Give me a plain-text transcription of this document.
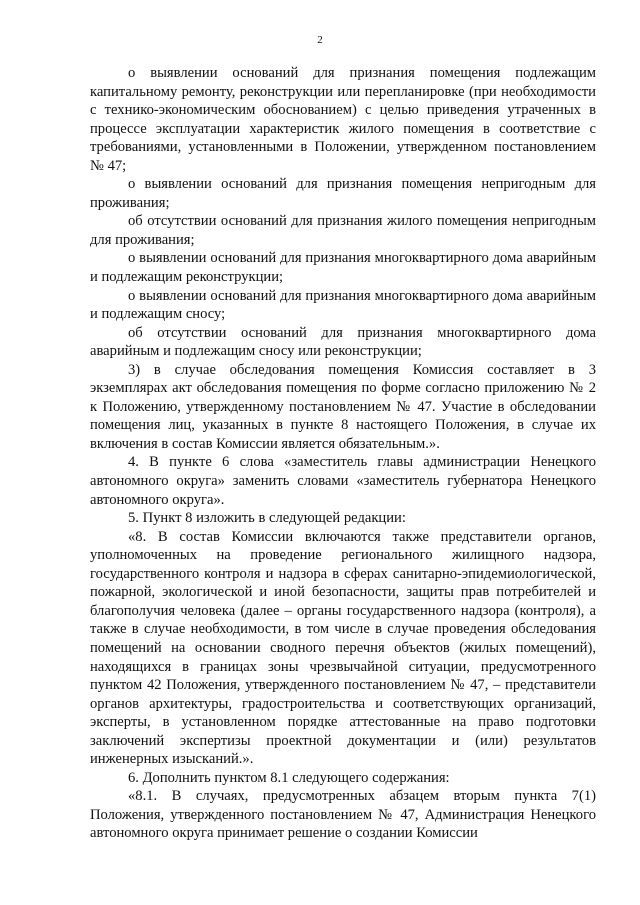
2

о выявлении оснований для признания помещения подлежащим капитальному ремонту, реконструкции или перепланировке (при необходимости с технико-экономическим обоснованием) с целью приведения утраченных в процессе эксплуатации характеристик жилого помещения в соответствие с требованиями, установленными в Положении, утвержденном постановлением № 47;

о выявлении оснований для признания помещения непригодным для проживания;

об отсутствии оснований для признания жилого помещения непригодным для проживания;

о выявлении оснований для признания многоквартирного дома аварийным и подлежащим реконструкции;

о выявлении оснований для признания многоквартирного дома аварийным и подлежащим сносу;

об отсутствии оснований для признания многоквартирного дома аварийным и подлежащим сносу или реконструкции;

3) в случае обследования помещения Комиссия составляет в 3 экземплярах акт обследования помещения по форме согласно приложению № 2 к Положению, утвержденному постановлением № 47. Участие в обследовании помещения лиц, указанных в пункте 8 настоящего Положения, в случае их включения в состав Комиссии является обязательным.».

4. В пункте 6 слова «заместитель главы администрации Ненецкого автономного округа» заменить словами «заместитель губернатора Ненецкого автономного округа».

5. Пункт 8 изложить в следующей редакции:

«8. В состав Комиссии включаются также представители органов, уполномоченных на проведение регионального жилищного надзора, государственного контроля и надзора в сферах санитарно-эпидемиологической, пожарной, экологической и иной безопасности, защиты прав потребителей и благополучия человека (далее – органы государственного надзора (контроля), а также в случае необходимости, в том числе в случае проведения обследования помещений на основании сводного перечня объектов (жилых помещений), находящихся в границах зоны чрезвычайной ситуации, предусмотренного пунктом 42 Положения, утвержденного постановлением № 47, – представители органов архитектуры, градостроительства и соответствующих организаций, эксперты, в установленном порядке аттестованные на право подготовки заключений экспертизы проектной документации и (или) результатов инженерных изысканий.».

6. Дополнить пунктом 8.1 следующего содержания:

«8.1. В случаях, предусмотренных абзацем вторым пункта 7(1) Положения, утвержденного постановлением № 47, Администрация Ненецкого автономного округа принимает решение о создании Комиссии
